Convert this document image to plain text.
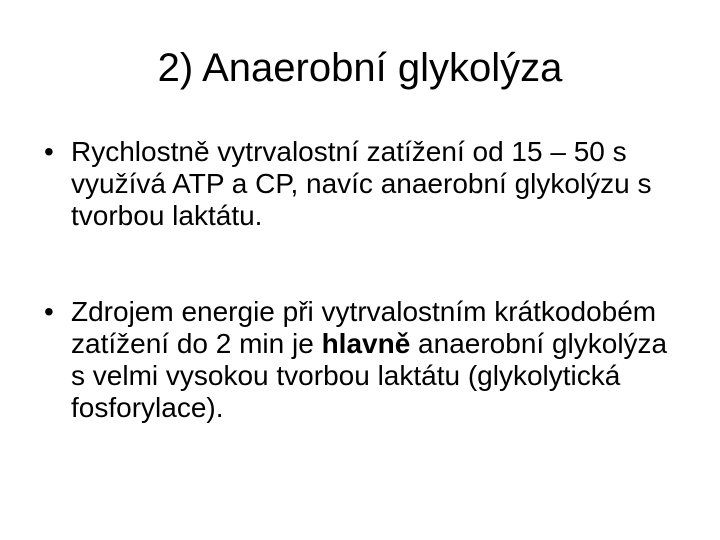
2) Anaerobní glykolýza
• Rychlostně vytrvalostní zatížení od 15 – 50 s využívá ATP a CP, navíc anaerobní glykolýzu s tvorbou laktátu.
• Zdrojem energie při vytrvalostním krátkodobém zatížení do 2 min je hlavně anaerobní glykolýza s velmi vysokou tvorbou laktátu (glykolytická fosforylace).
